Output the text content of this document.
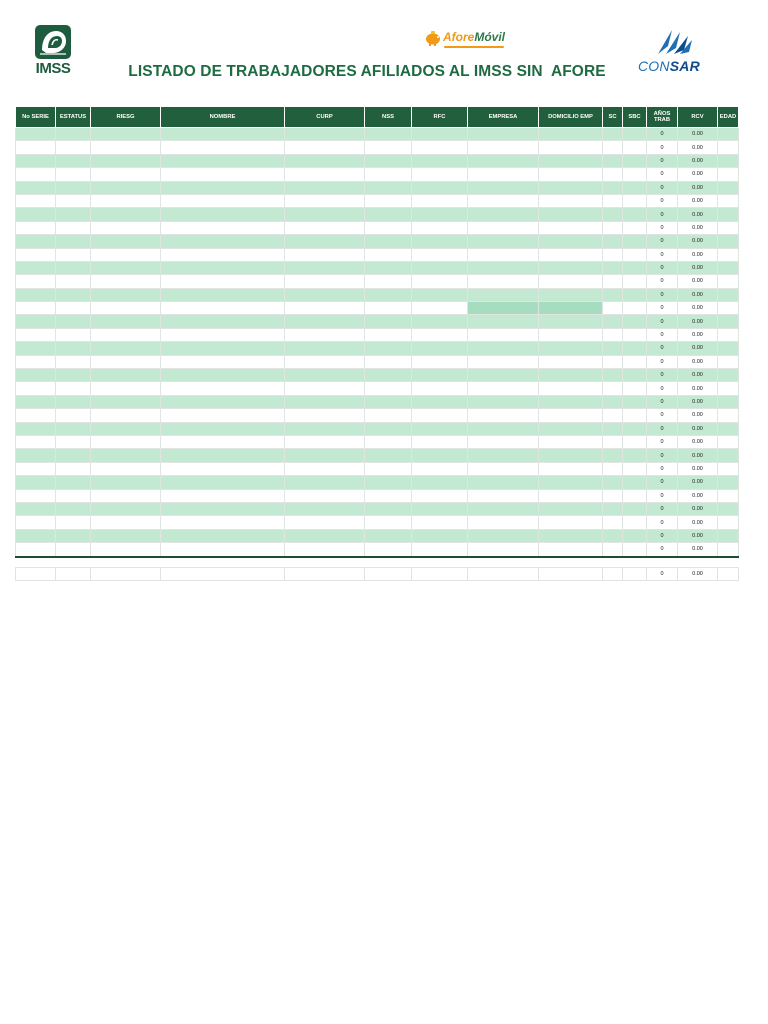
IMSS
AforeMóvil
CONSAR
LISTADO DE TRABAJADORES AFILIADOS AL IMSS SIN  AFORE
No SERIE	ESTATUS	RIESG	NOMBRE	CURP	NSS	RFC	EMPRESA	DOMICILIO EMP	SC	SBC	AÑOS TRAB	RCV	EDAD
											0	0.00	
											0	0.00	
											0	0.00	
											0	0.00	
											0	0.00	
											0	0.00	
											0	0.00	
											0	0.00	
											0	0.00	
											0	0.00	
											0	0.00	
											0	0.00	
											0	0.00	
											0	0.00	
											0	0.00	
											0	0.00	
											0	0.00	
											0	0.00	
											0	0.00	
											0	0.00	
											0	0.00	
											0	0.00	
											0	0.00	
											0	0.00	
											0	0.00	
											0	0.00	
											0	0.00	
											0	0.00	
											0	0.00	
											0	0.00	
											0	0.00	
											0	0.00	
											0	0.00	
